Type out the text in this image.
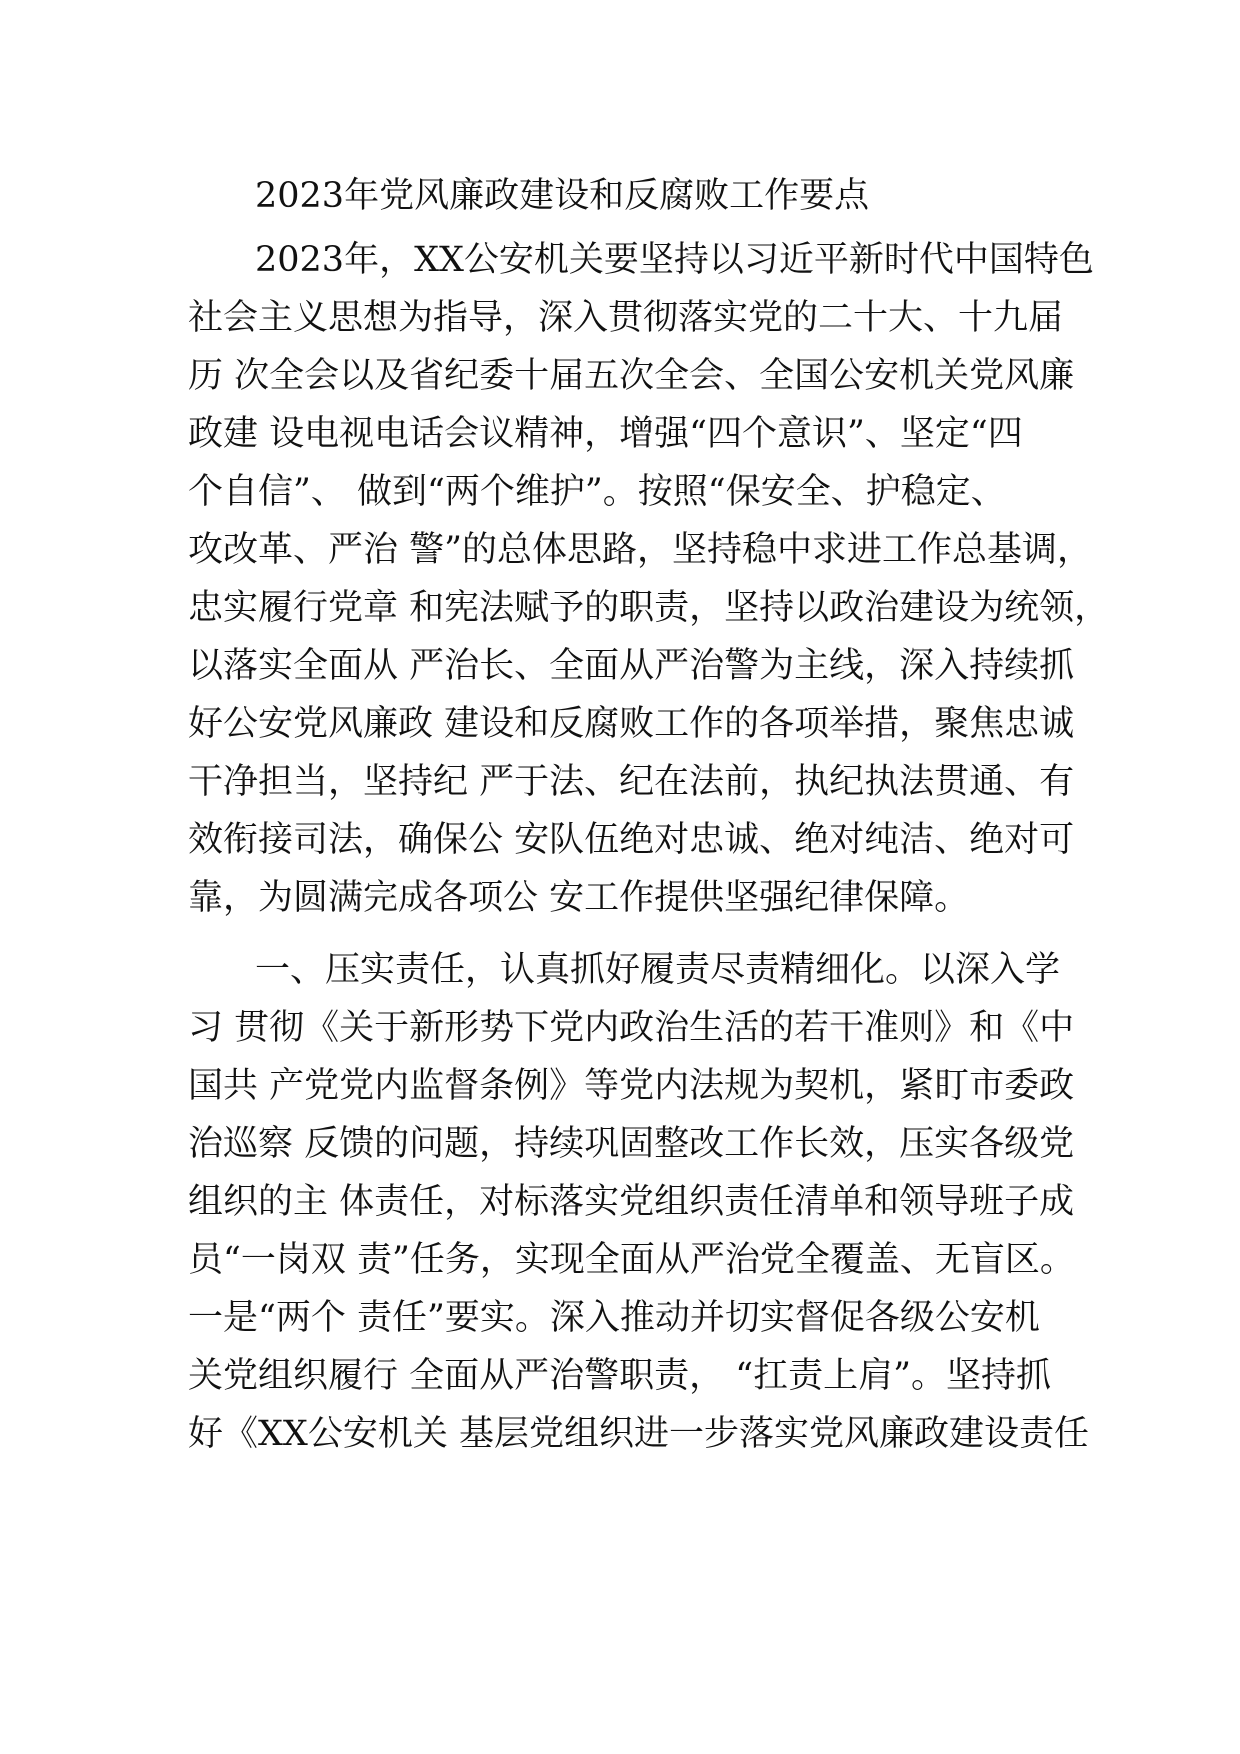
2023年党风廉政建设和反腐败工作要点
2023年，XX公安机关要坚持以习近平新时代中国特色
社会主义思想为指导，深入贯彻落实党的二十大、十九届
历 次全会以及省纪委十届五次全会、全国公安机关党风廉
政建 设电视电话会议精神，增强“四个意识”、坚定“四
个自信”、 做到“两个维护”。按照“保安全、护稳定、
攻改革、严治 警”的总体思路，坚持稳中求进工作总基调，
忠实履行党章 和宪法赋予的职责，坚持以政治建设为统领，
以落实全面从 严治长、全面从严治警为主线，深入持续抓
好公安党风廉政 建设和反腐败工作的各项举措，聚焦忠诚
干净担当，坚持纪 严于法、纪在法前，执纪执法贯通、有
效衔接司法，确保公 安队伍绝对忠诚、绝对纯洁、绝对可
靠，为圆满完成各项公 安工作提供坚强纪律保障。
一、压实责任，认真抓好履责尽责精细化。以深入学
习 贯彻《关于新形势下党内政治生活的若干准则》和《中
国共 产党党内监督条例》等党内法规为契机，紧盯市委政
治巡察 反馈的问题，持续巩固整改工作长效，压实各级党
组织的主 体责任，对标落实党组织责任清单和领导班子成
员“一岗双 责”任务，实现全面从严治党全覆盖、无盲区。
一是“两个 责任”要实。深入推动并切实督促各级公安机
关党组织履行 全面从严治警职责， “扛责上肩”。坚持抓
好《XX公安机关 基层党组织进一步落实党风廉政建设责任
